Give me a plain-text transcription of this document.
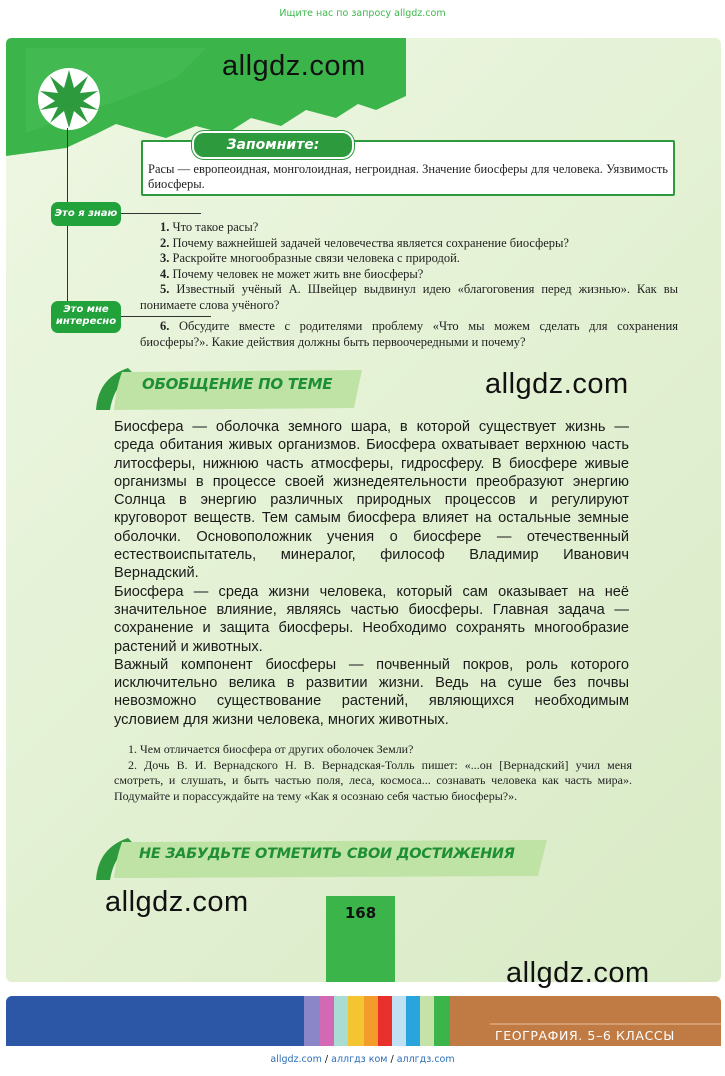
Ищите нас по запросу allgdz.com
allgdz.com
Запомните:
Расы — европеоидная, монголоидная, негроидная. Значение биосферы для человека. Уязвимость биосферы.
Это я знаю
Это мне
интересно
1. Что такое расы?
2. Почему важнейшей задачей человечества является сохранение биосферы?
3. Раскройте многообразные связи человека с природой.
4. Почему человек не может жить вне биосферы?
5. Известный учёный А. Швейцер выдвинул идею «благоговения перед жизнью». Как вы понимаете слова учёного?
6. Обсудите вместе с родителями проблему «Что мы можем сделать для сохранения биосферы?». Какие действия должны быть первоочередными и почему?
ОБОБЩЕНИЕ ПО ТЕМЕ	allgdz.com

Биосфера — оболочка земного шара, в которой существует жизнь — среда обитания живых организмов. Биосфера охватывает верхнюю часть литосферы, нижнюю часть атмосферы, гидросферу. В биосфере живые организмы в процессе своей жизнедеятельности преобразуют энергию Солнца в энергию различных природных процессов и регулируют круговорот веществ. Тем самым биосфера влияет на остальные земные оболочки. Основоположник учения о биосфере — отечественный естествоиспытатель, минералог, философ Владимир Иванович Вернадский.

Биосфера — среда жизни человека, который сам оказывает на неё значительное влияние, являясь частью биосферы. Главная задача — сохранение и защита биосферы. Необходимо сохранять многообразие растений и животных.

Важный компонент биосферы — почвенный покров, роль которого исключительно велика в развитии жизни. Ведь на суше без почвы невозможно существование растений, являющихся необходимым условием для жизни человека, многих животных.

1. Чем отличается биосфера от других оболочек Земли?

2. Дочь В. И. Вернадского Н. В. Вернадская-Толль пишет: «...он [Вернадский] учил меня смотреть, и слушать, и быть частью поля, леса, космоса... сознавать человека как часть мира». Подумайте и порассуждайте на тему «Как я осознаю себя частью биосферы?».

НЕ ЗАБУДЬТЕ ОТМЕТИТЬ СВОИ ДОСТИЖЕНИЯ
allgdz.com	168
allgdz.com
ГЕОГРАФИЯ. 5–6 КЛАССЫ
allgdz.com / аллгдз ком / аллгдз.com
